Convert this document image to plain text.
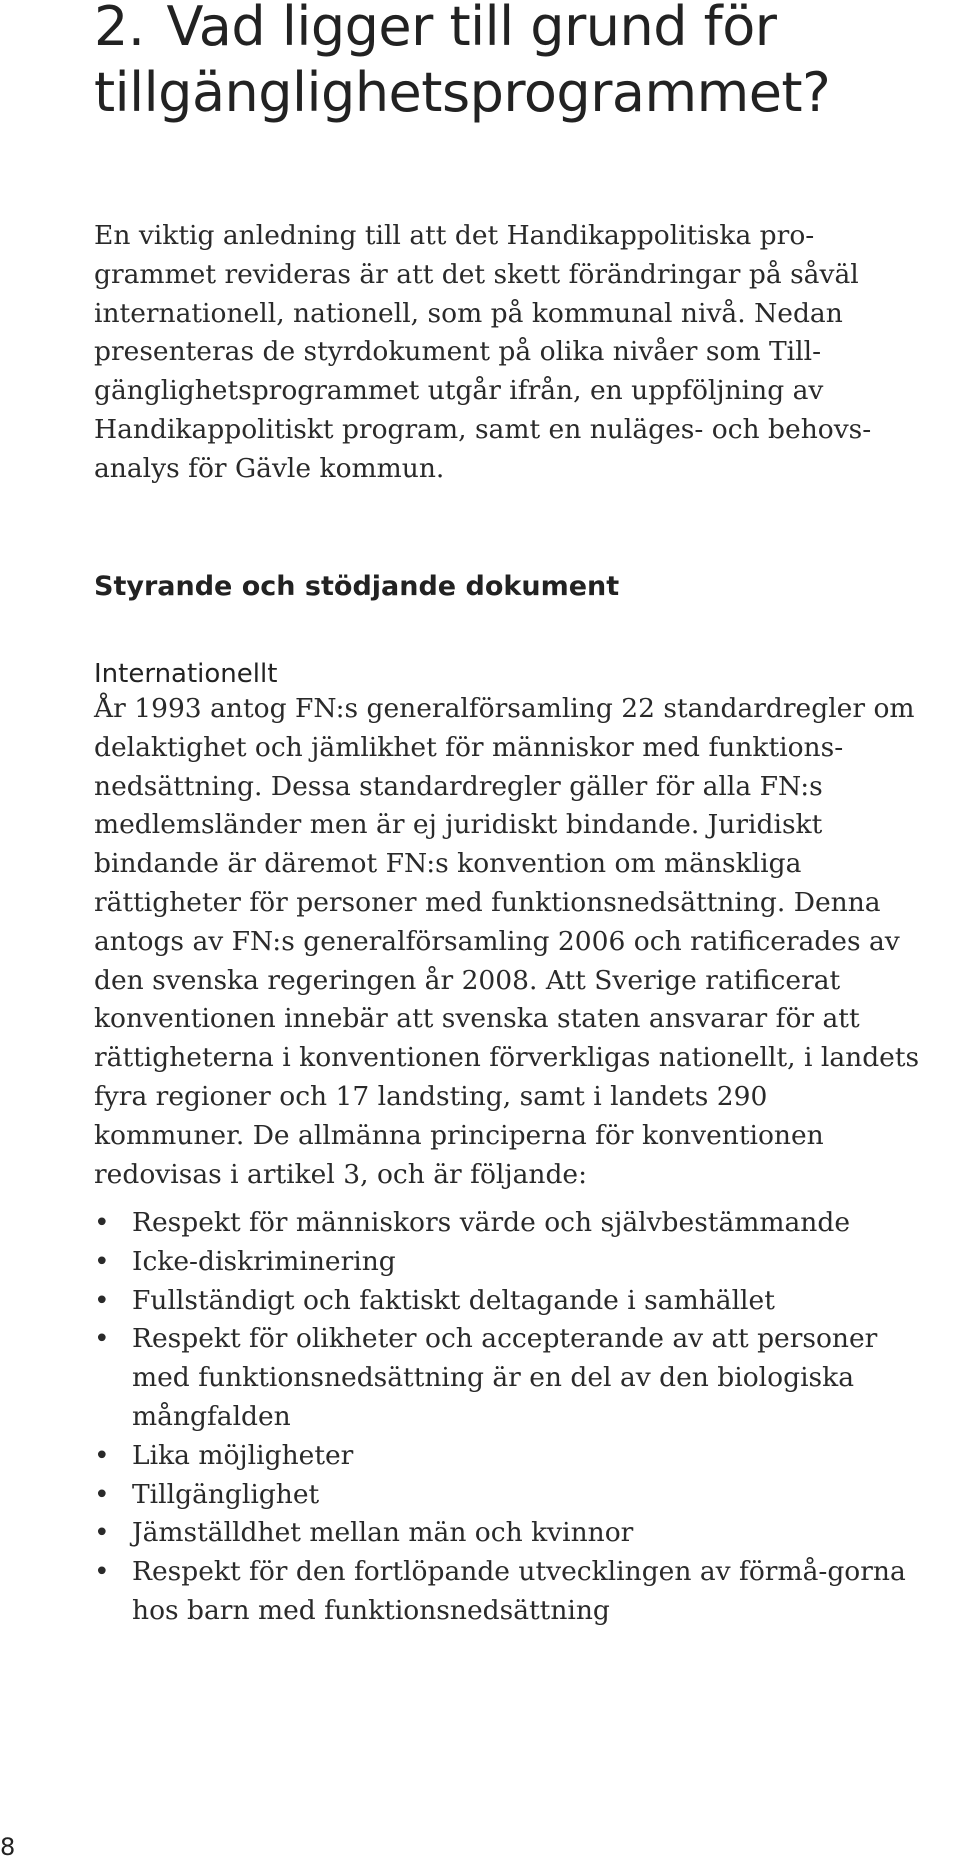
2. Vad ligger till grund för tillgänglighetsprogrammet?

En viktig anledning till att det Handikappolitiska pro-grammet revideras är att det skett förändringar på såväl internationell, nationell, som på kommunal nivå. Nedan presenteras de styrdokument på olika nivåer som Till-gänglighetsprogrammet utgår ifrån, en uppföljning av Handikappolitiskt program, samt en nuläges- och behovs-analys för Gävle kommun.

Styrande och stödjande dokument
Internationellt

År 1993 antog FN:s generalförsamling 22 standardregler om delaktighet och jämlikhet för människor med funktions-nedsättning. Dessa standardregler gäller för alla FN:s medlemsländer men är ej juridiskt bindande. Juridiskt bindande är däremot FN:s konvention om mänskliga rättigheter för personer med funktionsnedsättning. Denna antogs av FN:s generalförsamling 2006 och ratificerades av den svenska regeringen år 2008. Att Sverige ratificerat konventionen innebär att svenska staten ansvarar för att rättigheterna i konventionen förverkligas nationellt, i landets fyra regioner och 17 landsting, samt i landets 290 kommuner. De allmänna principerna för konventionen redovisas i artikel 3, och är följande:

• Respekt för människors värde och självbestämmande
• Icke-diskriminering
• Fullständigt och faktiskt deltagande i samhället
• Respekt för olikheter och accepterande av att personer med funktionsnedsättning är en del av den biologiska mångfalden
• Lika möjligheter
• Tillgänglighet
• Jämställdhet mellan män och kvinnor
• Respekt för den fortlöpande utvecklingen av förmå-gorna hos barn med funktionsnedsättning
8
